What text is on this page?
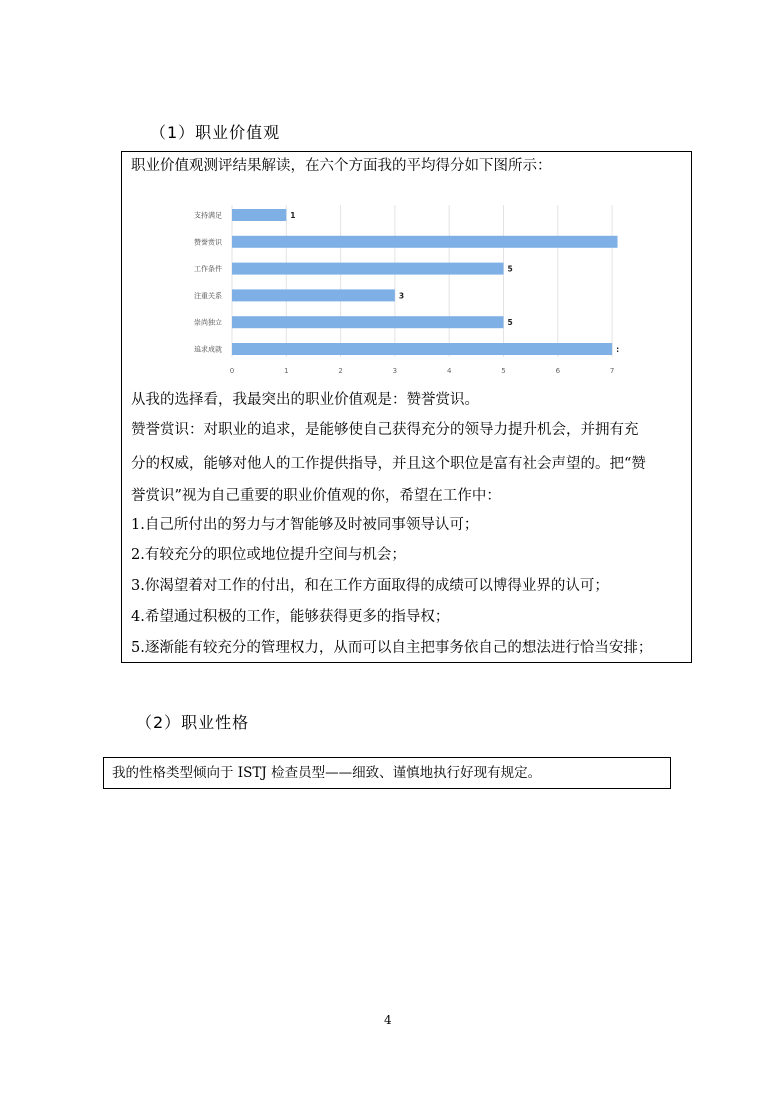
（1）职业价值观
职业价值观测评结果解读，在六个方面我的平均得分如下图所示：
支持满足
赞誉赏识
工作条件
注重关系
崇尚独立
追求成就
1
5
3
5
:
0	1	2	3	4	5	6	7
从我的选择看，我最突出的职业价值观是：赞誉赏识。
赞誉赏识：对职业的追求，是能够使自己获得充分的领导力提升机会，并拥有充
分的权威，能够对他人的工作提供指导，并且这个职位是富有社会声望的。把“赞
誉赏识”视为自己重要的职业价值观的你，希望在工作中：
1.自己所付出的努力与才智能够及时被同事领导认可；
2.有较充分的职位或地位提升空间与机会；
3.你渴望着对工作的付出，和在工作方面取得的成绩可以博得业界的认可；
4.希望通过积极的工作，能够获得更多的指导权；
5.逐渐能有较充分的管理权力，从而可以自主把事务依自己的想法进行恰当安排；
（2）职业性格
我的性格类型倾向于 ISTJ 检查员型——细致、谨慎地执行好现有规定。
4
